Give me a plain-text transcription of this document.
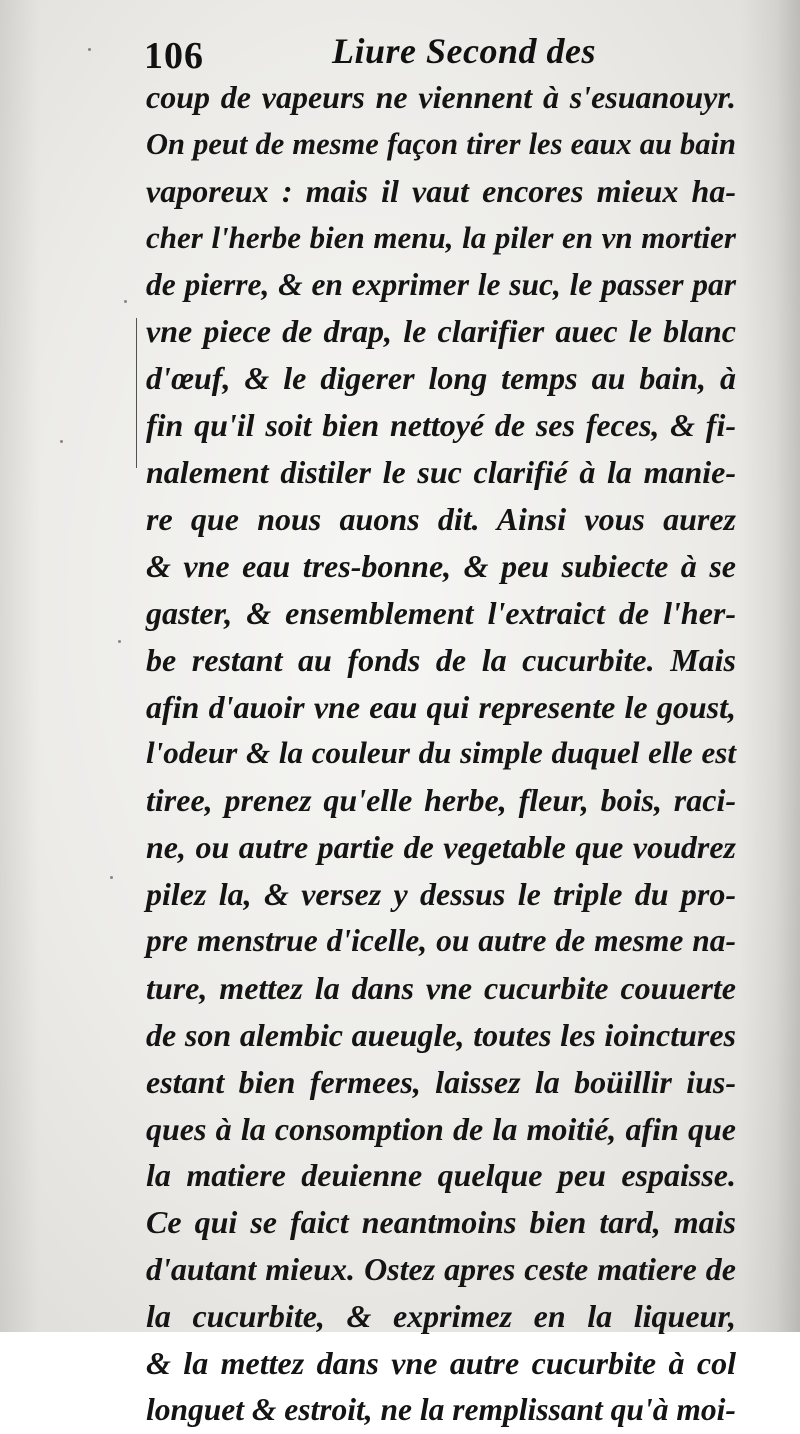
106	Liure Second des
coup de vapeurs ne viennent à s'esuanouyr.
On peut de mesme façon tirer les eaux au bain
vaporeux : mais il vaut encores mieux ha-
cher l'herbe bien menu, la piler en vn mortier
de pierre, & en exprimer le suc, le passer par
vne piece de drap, le clarifier auec le blanc
d'œuf, & le digerer long temps au bain, à
fin qu'il soit bien nettoyé de ses feces, & fi-
nalement distiler le suc clarifié à la manie-
re que nous auons dit. Ainsi vous aurez
& vne eau tres-bonne, & peu subiecte à se
gaster, & ensemblement l'extraict de l'her-
be restant au fonds de la cucurbite. Mais
afin d'auoir vne eau qui represente le goust,
l'odeur & la couleur du simple duquel elle est
tiree, prenez qu'elle herbe, fleur, bois, raci-
ne, ou autre partie de vegetable que voudrez
pilez la, & versez y dessus le triple du pro-
pre menstrue d'icelle, ou autre de mesme na-
ture, mettez la dans vne cucurbite couuerte
de son alembic aueugle, toutes les ioinctures
estant bien fermees, laissez la boüillir ius-
ques à la consomption de la moitié, afin que
la matiere deuienne quelque peu espaisse.
Ce qui se faict neantmoins bien tard, mais
d'autant mieux. Ostez apres ceste matiere de
la cucurbite, & exprimez en la liqueur,
& la mettez dans vne autre cucurbite à col
longuet & estroit, ne la remplissant qu'à moi-
